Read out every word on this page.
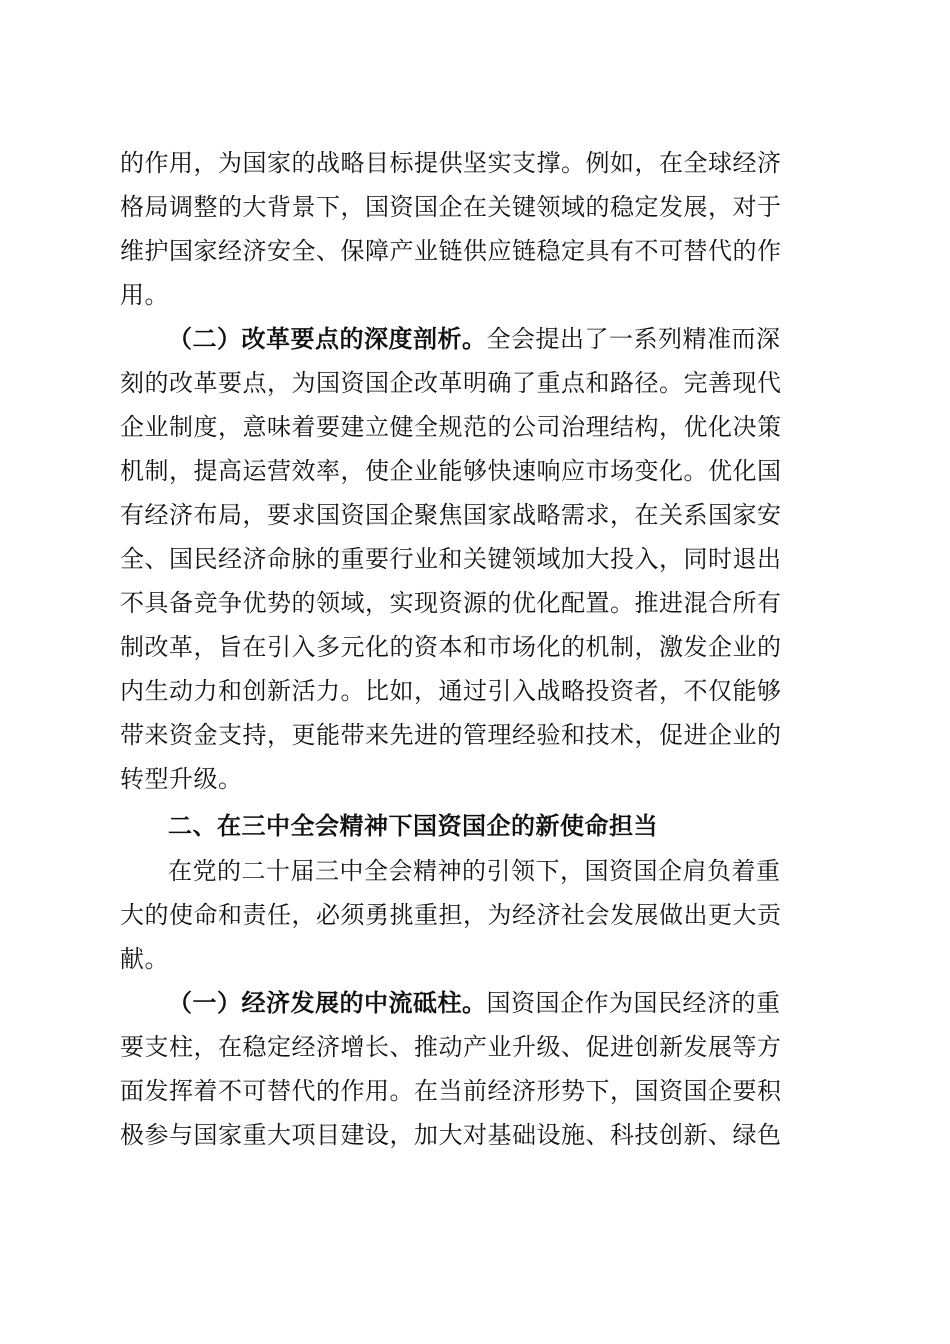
的作用，为国家的战略目标提供坚实支撑。例如，在全球经济
格局调整的大背景下，国资国企在关键领域的稳定发展，对于
维护国家经济安全、保障产业链供应链稳定具有不可替代的作
用。
（二）改革要点的深度剖析。全会提出了一系列精准而深
刻的改革要点，为国资国企改革明确了重点和路径。完善现代
企业制度，意味着要建立健全规范的公司治理结构，优化决策
机制，提高运营效率，使企业能够快速响应市场变化。优化国
有经济布局，要求国资国企聚焦国家战略需求，在关系国家安
全、国民经济命脉的重要行业和关键领域加大投入，同时退出
不具备竞争优势的领域，实现资源的优化配置。推进混合所有
制改革，旨在引入多元化的资本和市场化的机制，激发企业的
内生动力和创新活力。比如，通过引入战略投资者，不仅能够
带来资金支持，更能带来先进的管理经验和技术，促进企业的
转型升级。
二、在三中全会精神下国资国企的新使命担当
在党的二十届三中全会精神的引领下，国资国企肩负着重
大的使命和责任，必须勇挑重担，为经济社会发展做出更大贡
献。
（一）经济发展的中流砥柱。国资国企作为国民经济的重
要支柱，在稳定经济增长、推动产业升级、促进创新发展等方
面发挥着不可替代的作用。在当前经济形势下，国资国企要积
极参与国家重大项目建设，加大对基础设施、科技创新、绿色
